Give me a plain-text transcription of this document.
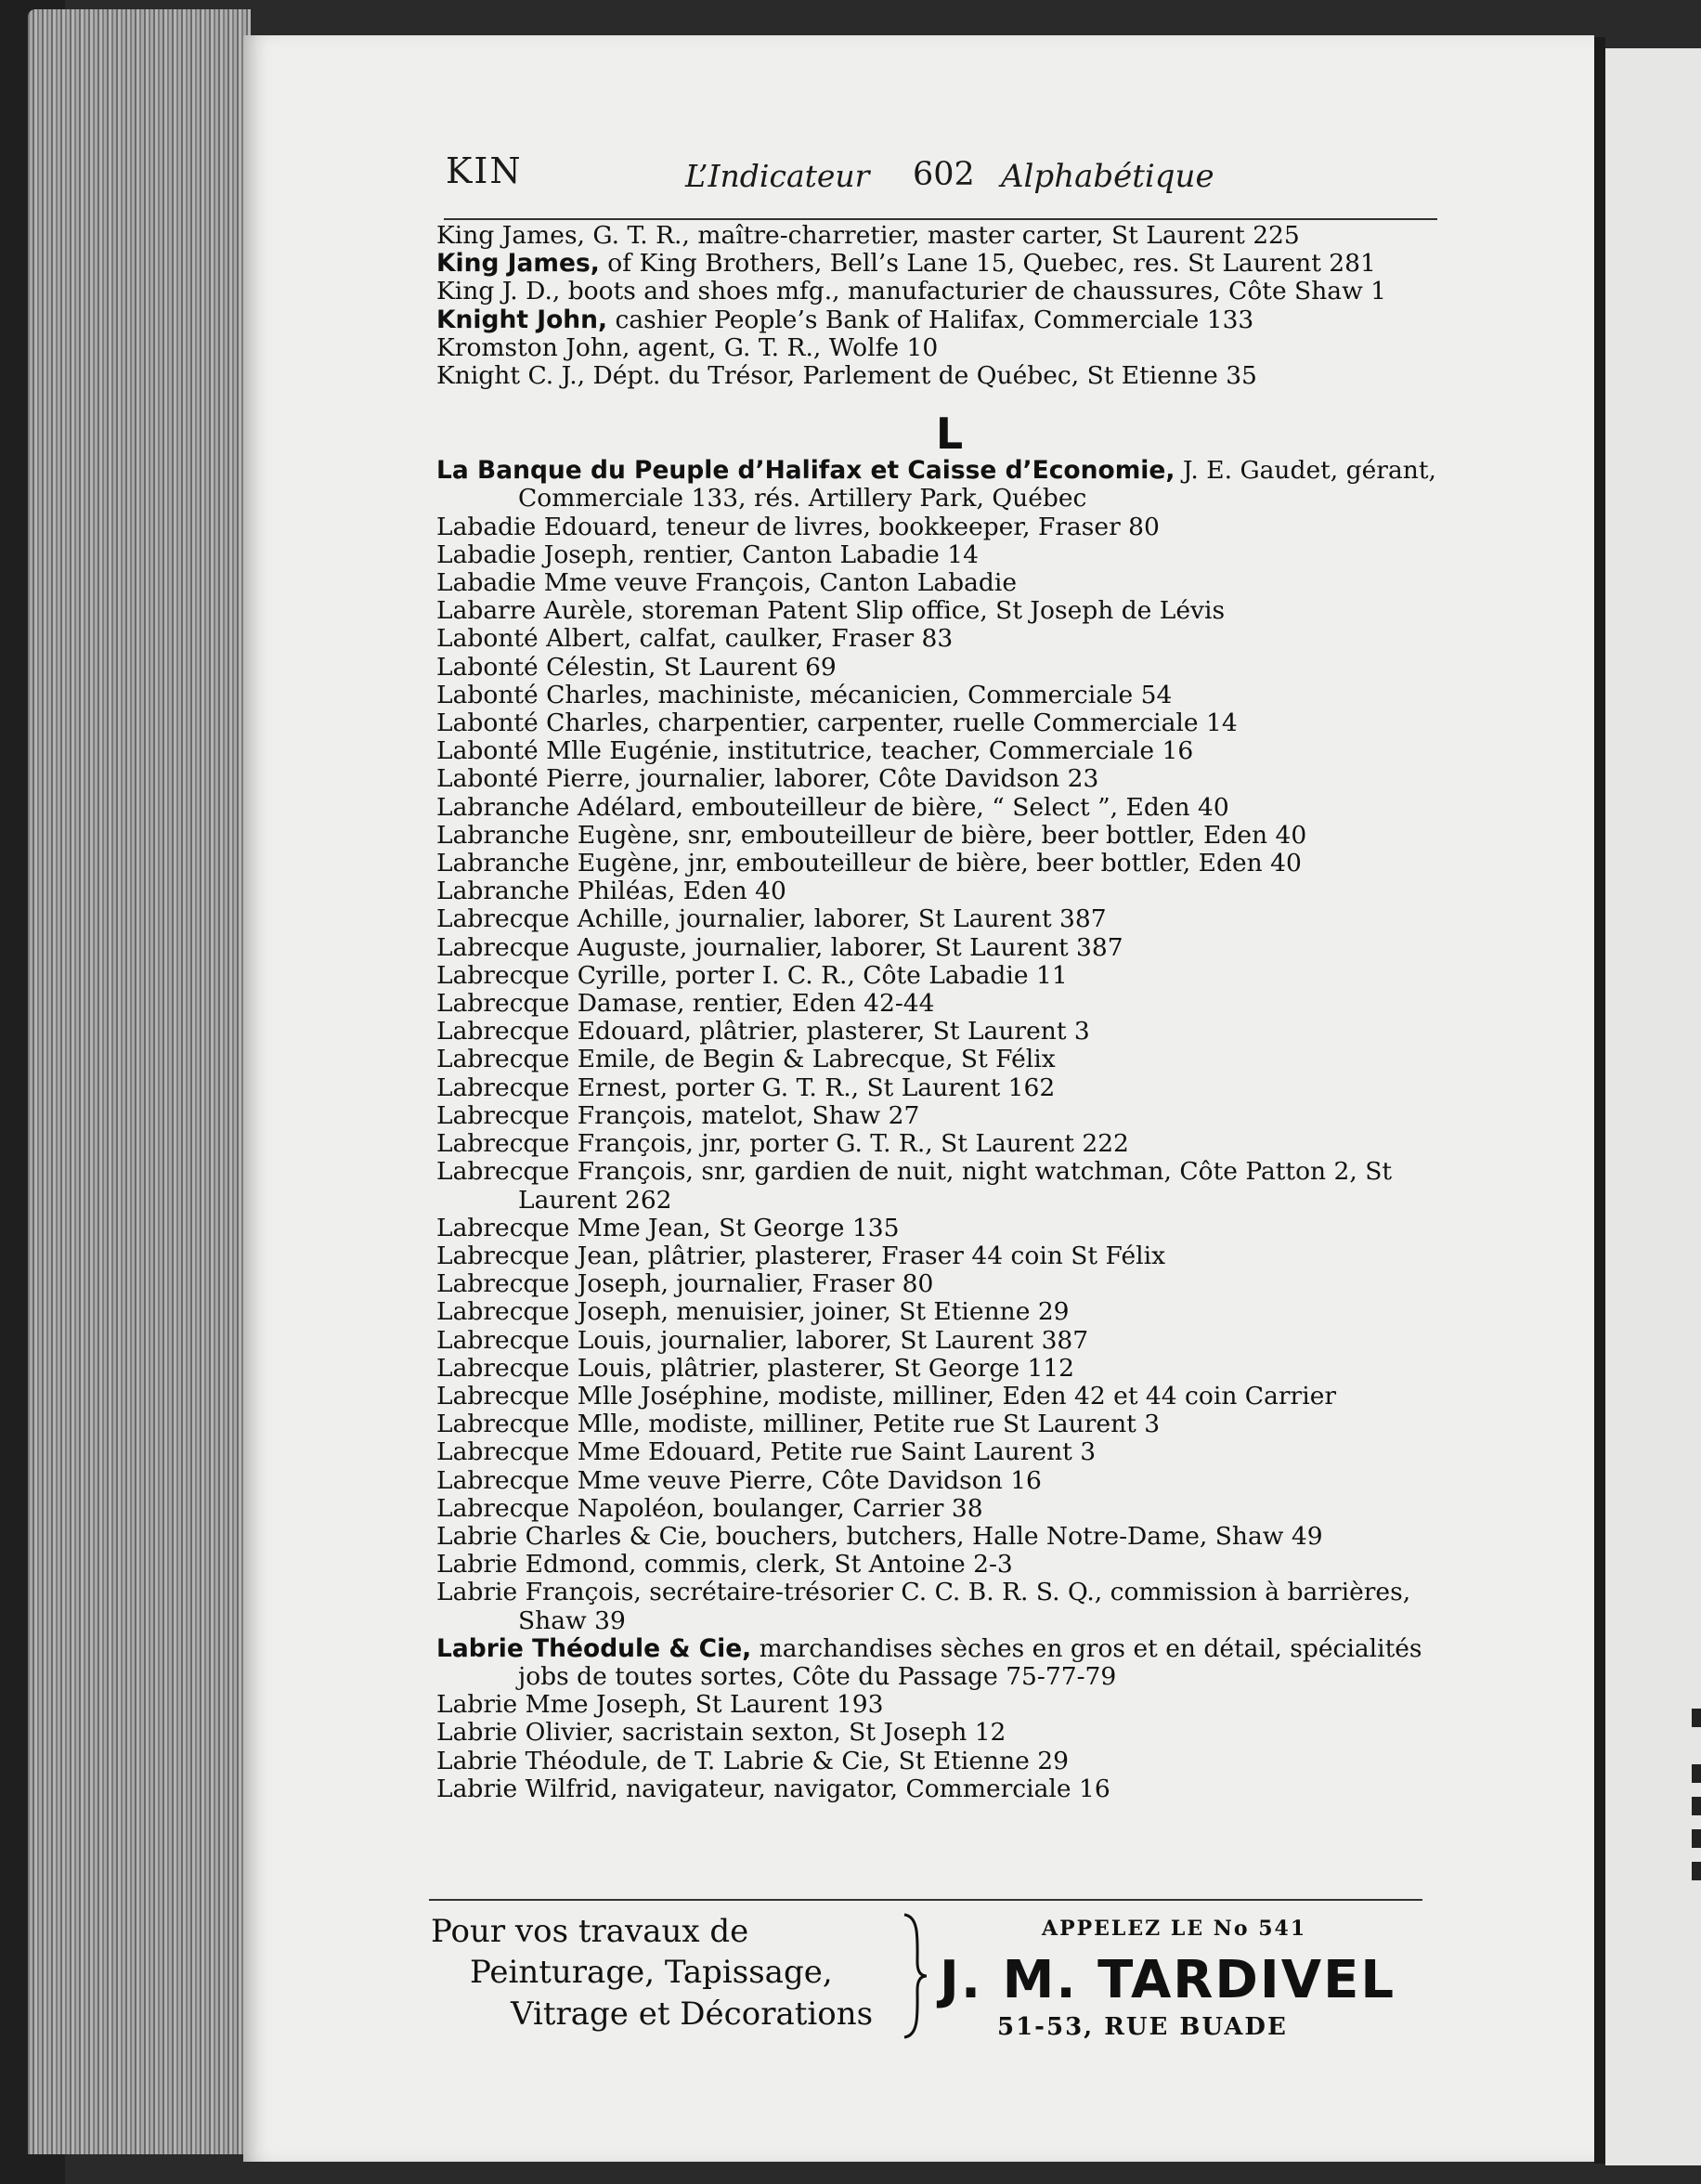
KIN	L’Indicateur 602 Alphabétique
King James, G. T. R., maître-charretier, master carter, St Laurent 225
King James, of King Brothers, Bell’s Lane 15, Quebec, res. St Laurent 281
King J. D., boots and shoes mfg., manufacturier de chaussures, Côte Shaw 1
Knight John, cashier People’s Bank of Halifax, Commerciale 133
Kromston John, agent, G. T. R., Wolfe 10
Knight C. J., Dépt. du Trésor, Parlement de Québec, St Etienne 35
L
La Banque du Peuple d’Halifax et Caisse d’Economie, J. E. Gaudet, gérant, Commerciale 133, rés. Artillery Park, Québec
Labadie Edouard, teneur de livres, bookkeeper, Fraser 80
Labadie Joseph, rentier, Canton Labadie 14
Labadie Mme veuve François, Canton Labadie
Labarre Aurèle, storeman Patent Slip office, St Joseph de Lévis
Labonté Albert, calfat, caulker, Fraser 83
Labonté Célestin, St Laurent 69
Labonté Charles, machiniste, mécanicien, Commerciale 54
Labonté Charles, charpentier, carpenter, ruelle Commerciale 14
Labonté Mlle Eugénie, institutrice, teacher, Commerciale 16
Labonté Pierre, journalier, laborer, Côte Davidson 23
Labranche Adélard, embouteilleur de bière, “ Select ”, Eden 40
Labranche Eugène, snr, embouteilleur de bière, beer bottler, Eden 40
Labranche Eugène, jnr, embouteilleur de bière, beer bottler, Eden 40
Labranche Philéas, Eden 40
Labrecque Achille, journalier, laborer, St Laurent 387
Labrecque Auguste, journalier, laborer, St Laurent 387
Labrecque Cyrille, porter I. C. R., Côte Labadie 11
Labrecque Damase, rentier, Eden 42-44
Labrecque Edouard, plâtrier, plasterer, St Laurent 3
Labrecque Emile, de Begin & Labrecque, St Félix
Labrecque Ernest, porter G. T. R., St Laurent 162
Labrecque François, matelot, Shaw 27
Labrecque François, jnr, porter G. T. R., St Laurent 222
Labrecque François, snr, gardien de nuit, night watchman, Côte Patton 2, St Laurent 262
Labrecque Mme Jean, St George 135
Labrecque Jean, plâtrier, plasterer, Fraser 44 coin St Félix
Labrecque Joseph, journalier, Fraser 80
Labrecque Joseph, menuisier, joiner, St Etienne 29
Labrecque Louis, journalier, laborer, St Laurent 387
Labrecque Louis, plâtrier, plasterer, St George 112
Labrecque Mlle Joséphine, modiste, milliner, Eden 42 et 44 coin Carrier
Labrecque Mlle, modiste, milliner, Petite rue St Laurent 3
Labrecque Mme Edouard, Petite rue Saint Laurent 3
Labrecque Mme veuve Pierre, Côte Davidson 16
Labrecque Napoléon, boulanger, Carrier 38
Labrie Charles & Cie, bouchers, butchers, Halle Notre-Dame, Shaw 49
Labrie Edmond, commis, clerk, St Antoine 2-3
Labrie François, secrétaire-trésorier C. C. B. R. S. Q., commission à barrières, Shaw 39
Labrie Théodule & Cie, marchandises sèches en gros et en détail, spécialités jobs de toutes sortes, Côte du Passage 75-77-79
Labrie Mme Joseph, St Laurent 193
Labrie Olivier, sacristain sexton, St Joseph 12
Labrie Théodule, de T. Labrie & Cie, St Etienne 29
Labrie Wilfrid, navigateur, navigator, Commerciale 16
Pour vos travaux de
Peinturage, Tapissage,
Vitrage et Décorations
APPELEZ LE No 541
J. M. TARDIVEL
51-53, RUE BUADE
